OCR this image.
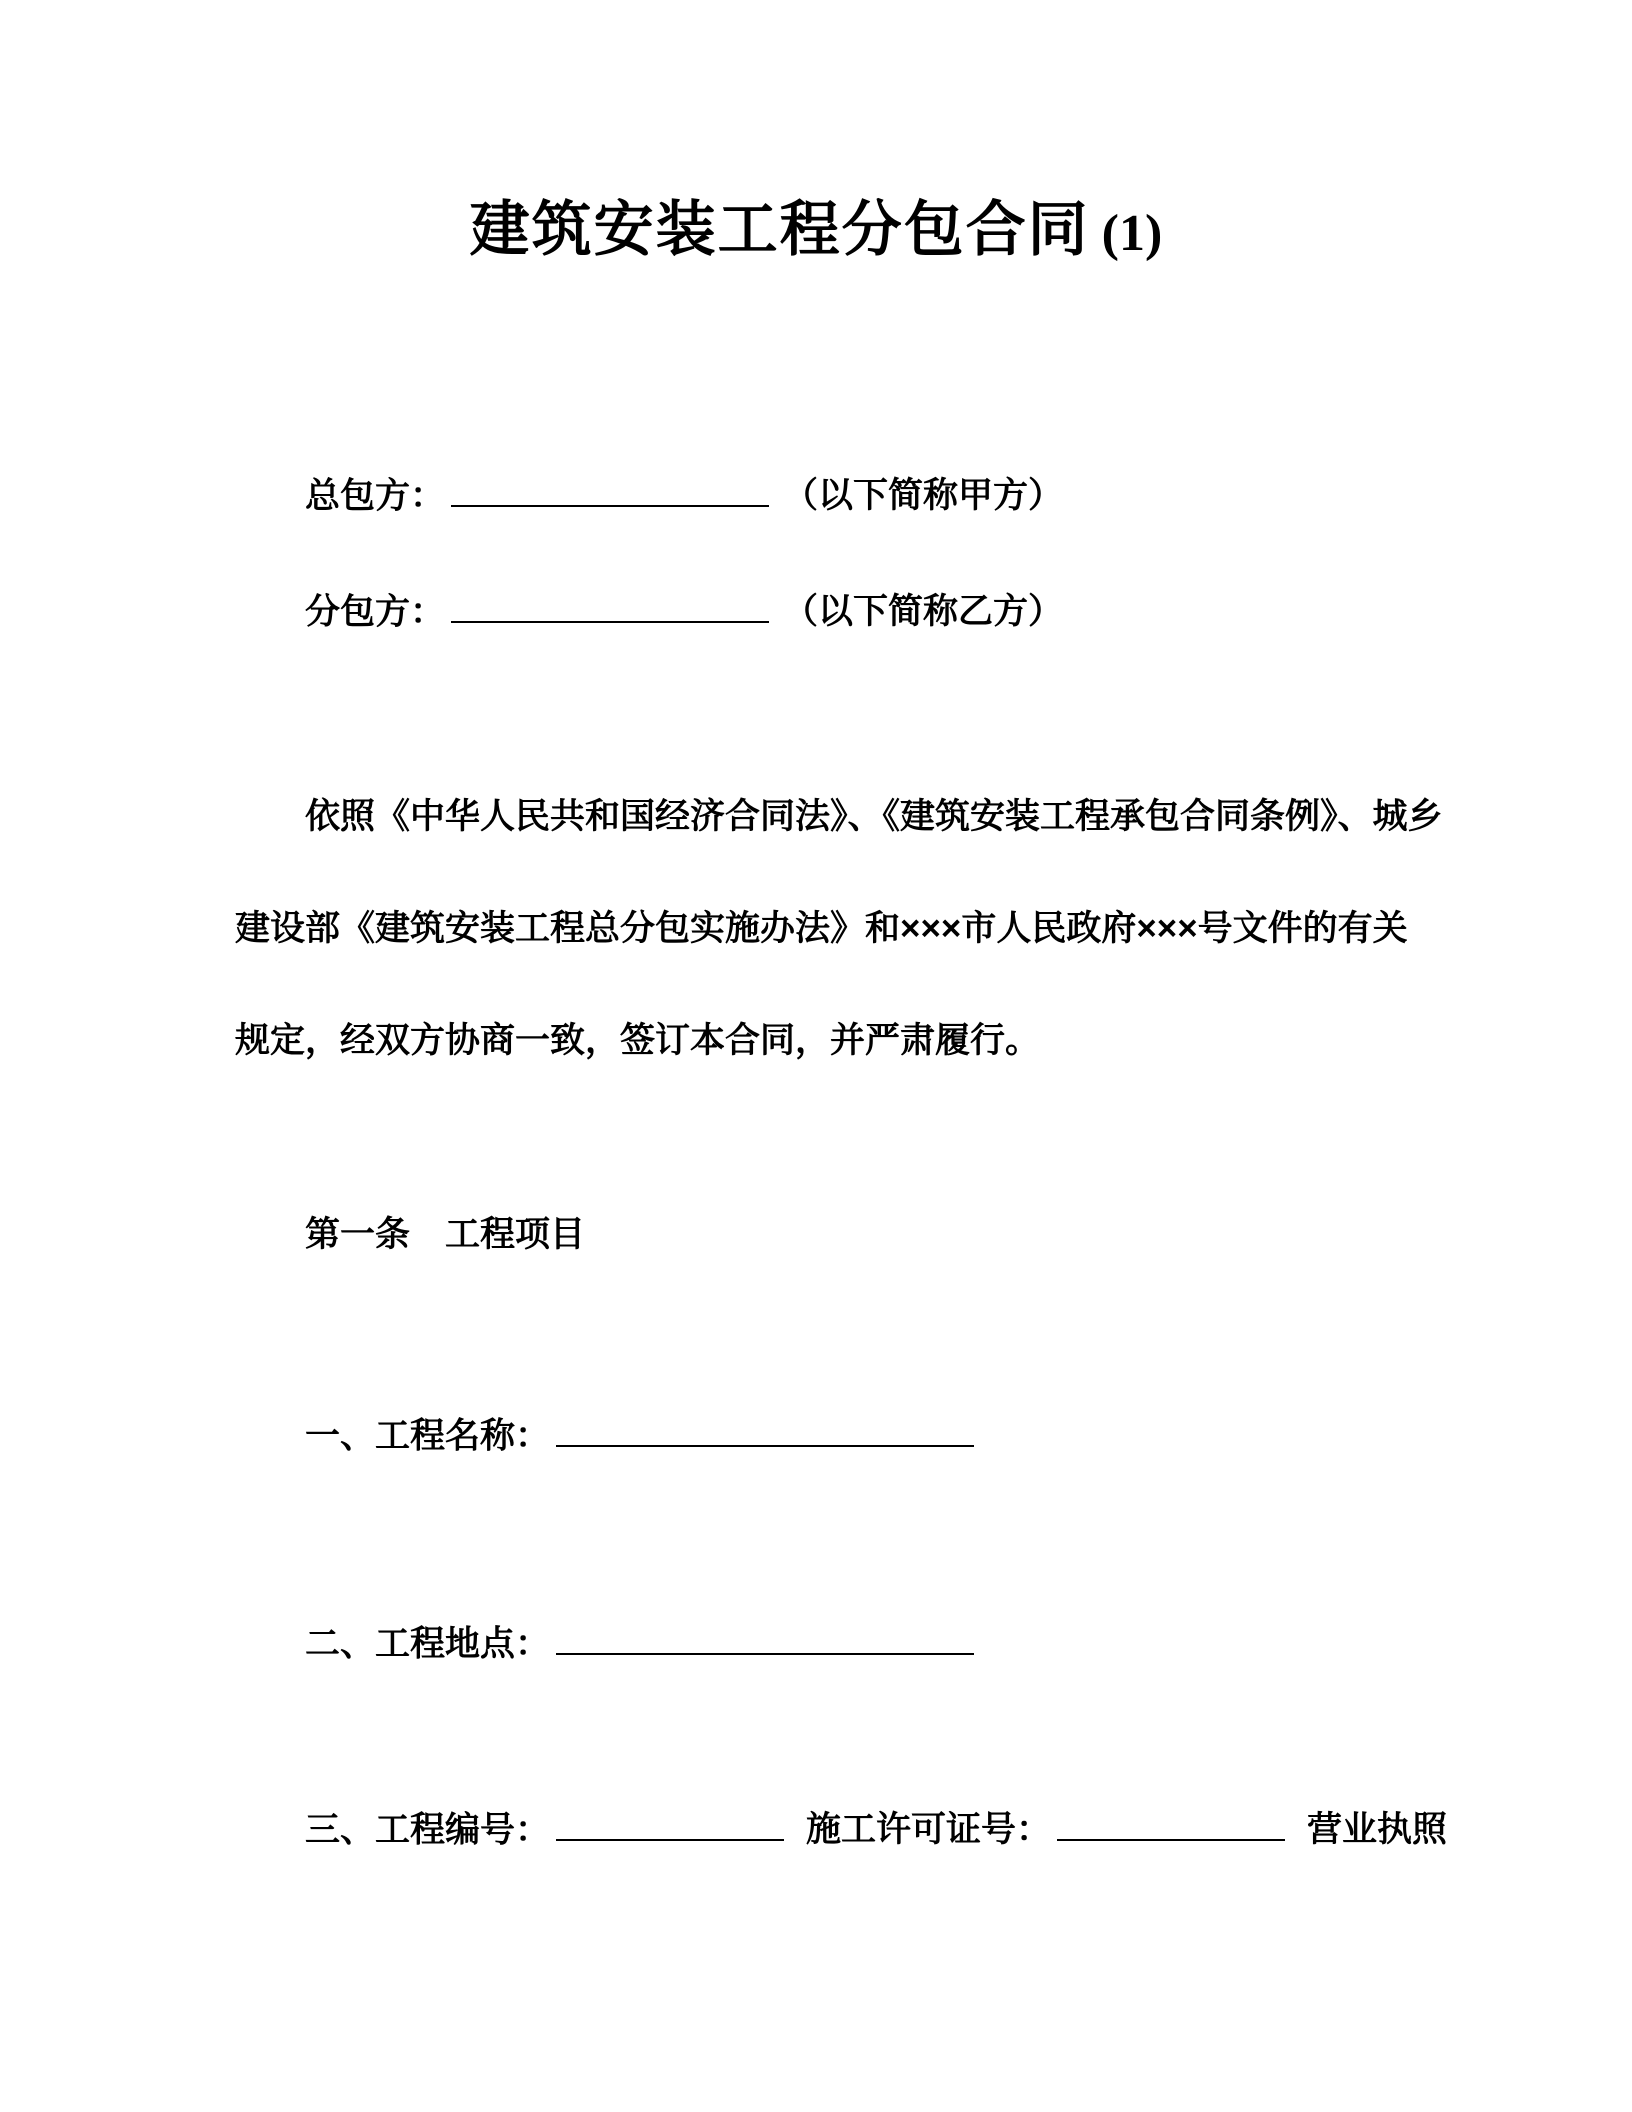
建筑安装工程分包合同 (1)
总包方：	（以下简称甲方）
分包方：	（以下简称乙方）
依照《中华人民共和国经济合同法》、《建筑安装工程承包合同条例》、城乡
建设部《建筑安装工程总分包实施办法》和×××市人民政府×××号文件的有关
规定，经双方协商一致，签订本合同，并严肃履行。
第一条　工程项目
一、工程名称：
二、工程地点：
三、工程编号：	施工许可证号：	营业执照
